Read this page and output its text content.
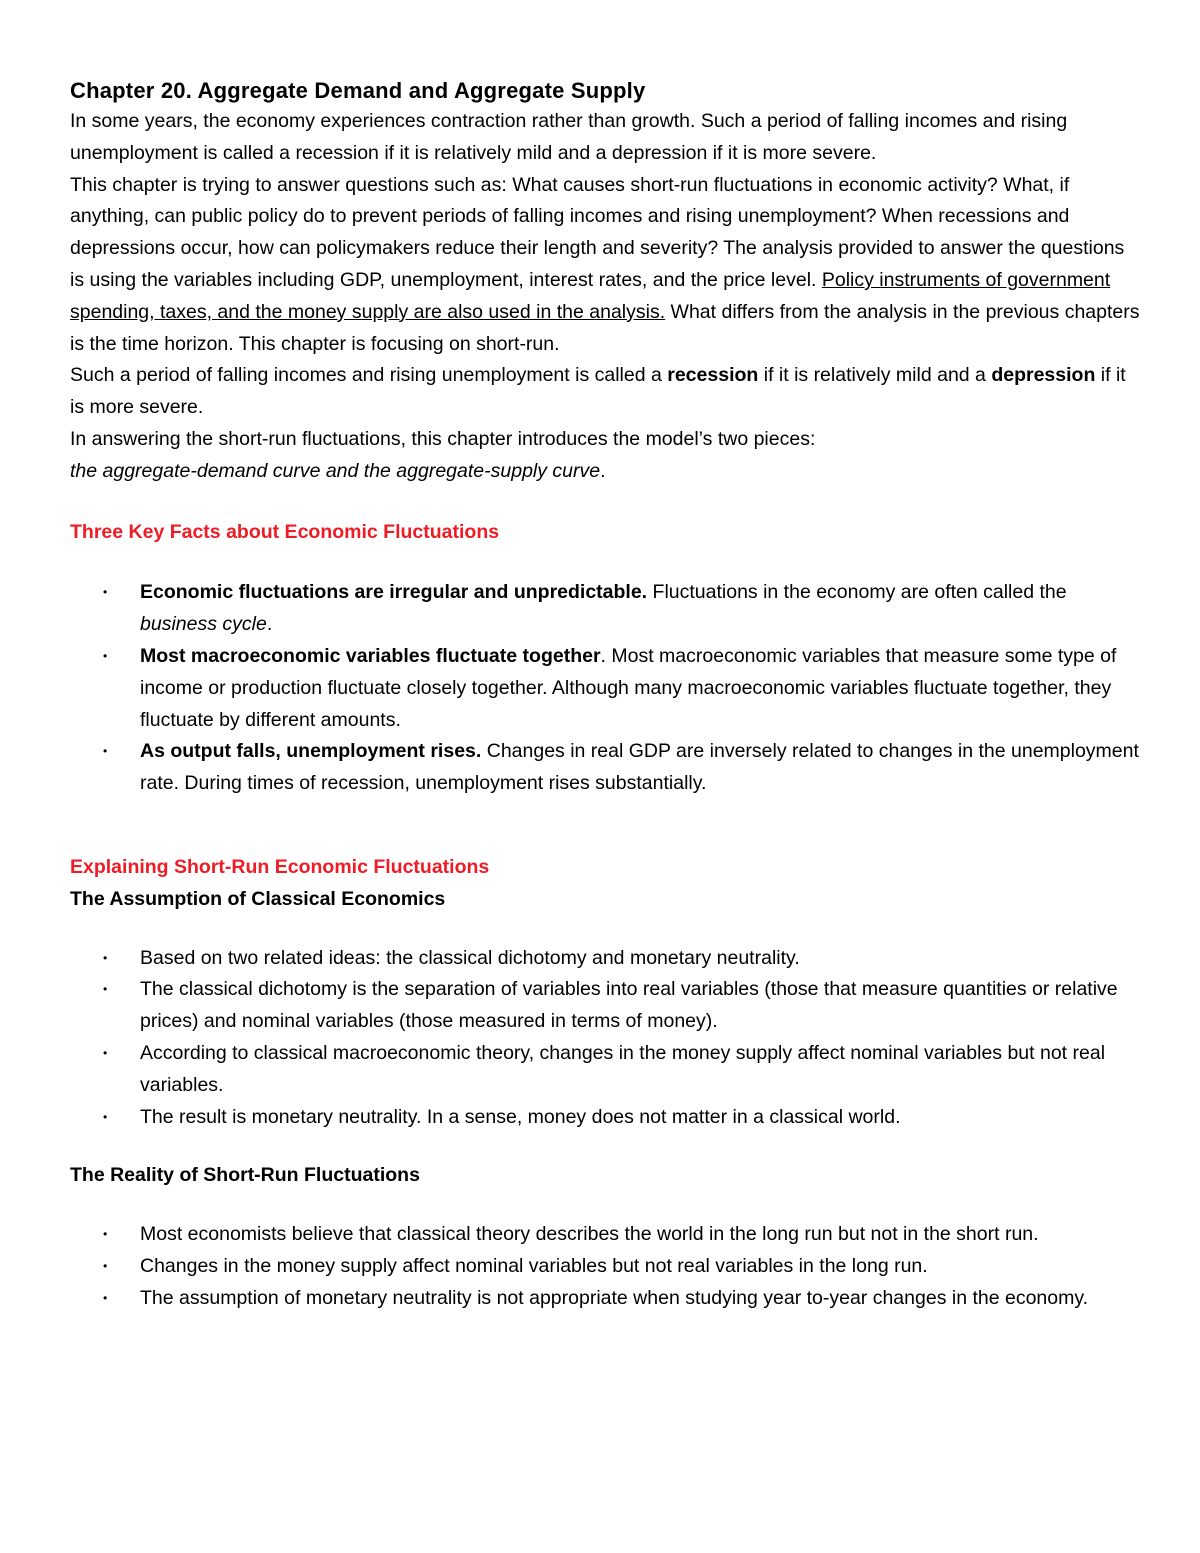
Chapter 20. Aggregate Demand and Aggregate Supply

In some years, the economy experiences contraction rather than growth. Such a period of falling incomes and rising unemployment is called a recession if it is relatively mild and a depression if it is more severe.

This chapter is trying to answer questions such as: What causes short-run fluctuations in economic activity? What, if anything, can public policy do to prevent periods of falling incomes and rising unemployment? When recessions and depressions occur, how can policymakers reduce their length and severity? The analysis provided to answer the questions is using the variables including GDP, unemployment, interest rates, and the price level. Policy instruments of government spending, taxes, and the money supply are also used in the analysis. What differs from the analysis in the previous chapters is the time horizon. This chapter is focusing on short-run.

Such a period of falling incomes and rising unemployment is called a recession if it is relatively mild and a depression if it is more severe.

In answering the short-run fluctuations, this chapter introduces the model’s two pieces:

the aggregate-demand curve and the aggregate-supply curve.

Three Key Facts about Economic Fluctuations

• Economic fluctuations are irregular and unpredictable. Fluctuations in the economy are often called the business cycle.
• Most macroeconomic variables fluctuate together. Most macroeconomic variables that measure some type of income or production fluctuate closely together. Although many macroeconomic variables fluctuate together, they fluctuate by different amounts.
• As output falls, unemployment rises. Changes in real GDP are inversely related to changes in the unemployment rate. During times of recession, unemployment rises substantially.

Explaining Short-Run Economic Fluctuations

The Assumption of Classical Economics

• Based on two related ideas: the classical dichotomy and monetary neutrality.
• The classical dichotomy is the separation of variables into real variables (those that measure quantities or relative prices) and nominal variables (those measured in terms of money).
• According to classical macroeconomic theory, changes in the money supply affect nominal variables but not real variables.
• The result is monetary neutrality. In a sense, money does not matter in a classical world.

The Reality of Short-Run Fluctuations

• Most economists believe that classical theory describes the world in the long run but not in the short run.
• Changes in the money supply affect nominal variables but not real variables in the long run.
• The assumption of monetary neutrality is not appropriate when studying year to-year changes in the economy.
